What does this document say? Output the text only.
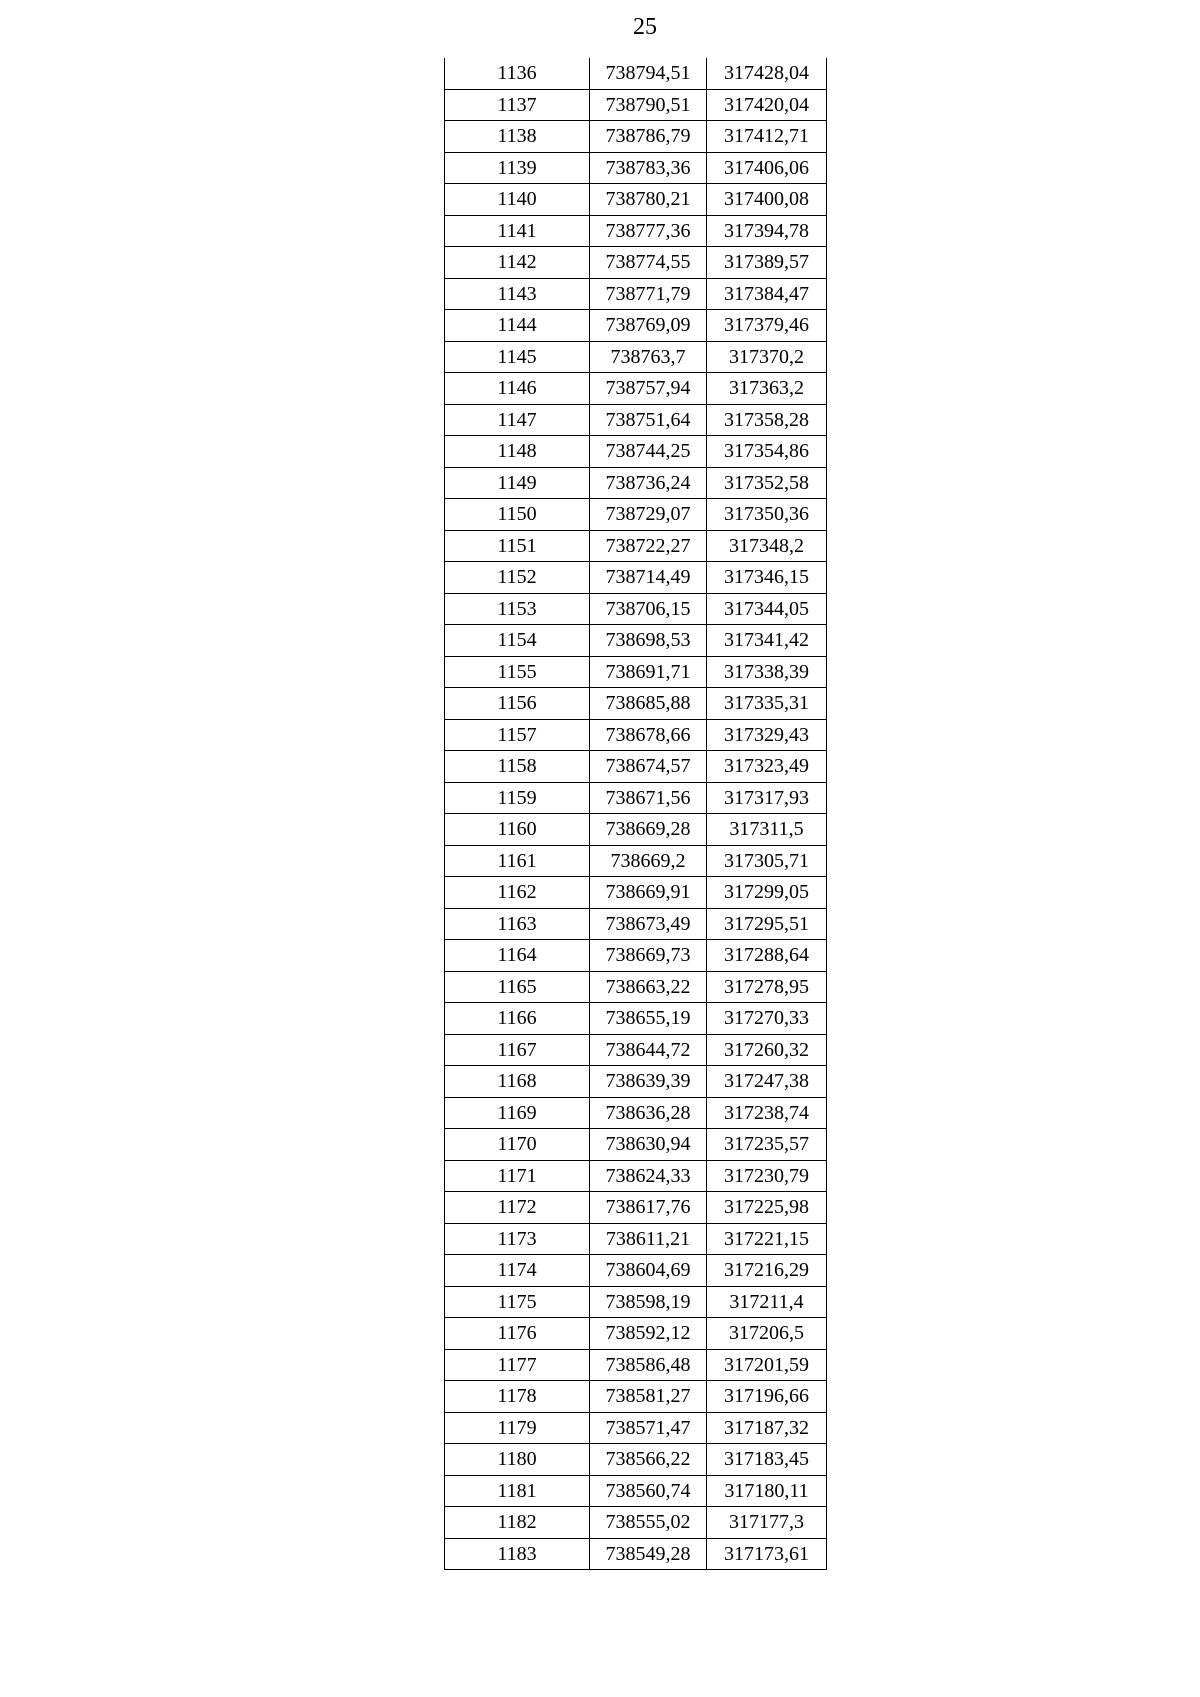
25
1136	738794,51	317428,04
1137	738790,51	317420,04
1138	738786,79	317412,71
1139	738783,36	317406,06
1140	738780,21	317400,08
1141	738777,36	317394,78
1142	738774,55	317389,57
1143	738771,79	317384,47
1144	738769,09	317379,46
1145	738763,7	317370,2
1146	738757,94	317363,2
1147	738751,64	317358,28
1148	738744,25	317354,86
1149	738736,24	317352,58
1150	738729,07	317350,36
1151	738722,27	317348,2
1152	738714,49	317346,15
1153	738706,15	317344,05
1154	738698,53	317341,42
1155	738691,71	317338,39
1156	738685,88	317335,31
1157	738678,66	317329,43
1158	738674,57	317323,49
1159	738671,56	317317,93
1160	738669,28	317311,5
1161	738669,2	317305,71
1162	738669,91	317299,05
1163	738673,49	317295,51
1164	738669,73	317288,64
1165	738663,22	317278,95
1166	738655,19	317270,33
1167	738644,72	317260,32
1168	738639,39	317247,38
1169	738636,28	317238,74
1170	738630,94	317235,57
1171	738624,33	317230,79
1172	738617,76	317225,98
1173	738611,21	317221,15
1174	738604,69	317216,29
1175	738598,19	317211,4
1176	738592,12	317206,5
1177	738586,48	317201,59
1178	738581,27	317196,66
1179	738571,47	317187,32
1180	738566,22	317183,45
1181	738560,74	317180,11
1182	738555,02	317177,3
1183	738549,28	317173,61
